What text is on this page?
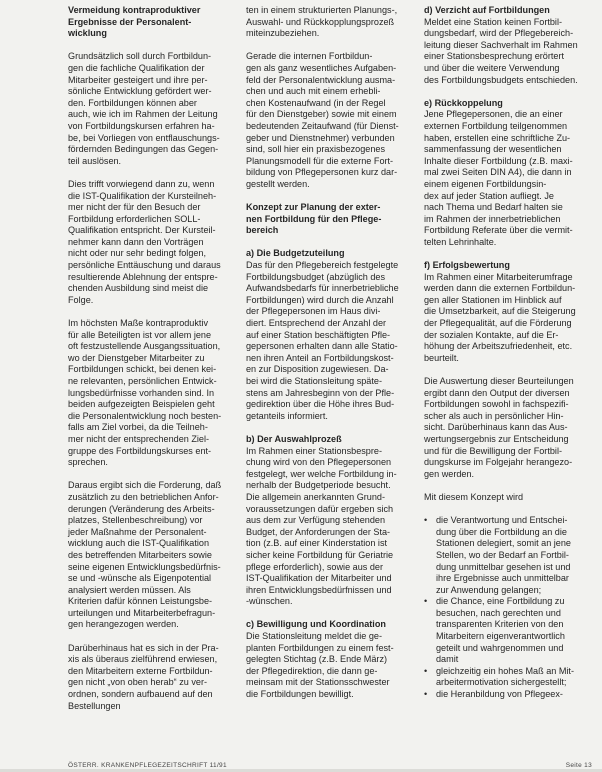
Vermeidung kontraproduktiver
Ergebnisse der Personalent-
wicklung
Grundsätzlich soll durch Fortbildun-
gen die fachliche Qualifikation der
Mitarbeiter gesteigert und ihre per-
sönliche Entwicklung gefördert wer-
den. Fortbildungen können aber
auch, wie ich im Rahmen der Leitung
von Fortbildungskursen erfahren ha-
be, bei Vorliegen von entflauschungs-
fördernden Bedingungen das Gegen-
teil auslösen.
Dies trifft vorwiegend dann zu, wenn
die IST-Qualifikation der Kursteilneh-
mer nicht der für den Besuch der
Fortbildung erforderlichen SOLL-
Qualifikation entspricht. Der Kursteil-
nehmer kann dann den Vorträgen
nicht oder nur sehr bedingt folgen,
persönliche Enttäuschung und daraus
resultierende Ablehnung der entspre-
chenden Ausbildung sind meist die
Folge.
Im höchsten Maße kontraproduktiv
für alle Beteiligten ist vor allem jene
oft festzustellende Ausgangssituation,
wo der Dienstgeber Mitarbeiter zu
Fortbildungen schickt, bei denen kei-
ne relevanten, persönlichen Entwick-
lungsbedürfnisse vorhanden sind. In
beiden aufgezeigten Beispielen geht
die Personalentwicklung noch besten-
falls am Ziel vorbei, da die Teilneh-
mer nicht der entsprechenden Ziel-
gruppe des Fortbildungskurses ent-
sprechen.
Daraus ergibt sich die Forderung, daß
zusätzlich zu den betrieblichen Anfor-
derungen (Veränderung des Arbeits-
platzes, Stellenbeschreibung) vor
jeder Maßnahme der Personalent-
wicklung auch die IST-Qualifikation
des betreffenden Mitarbeiters sowie
seine eigenen Entwicklungsbedürfnis-
se und -wünsche als Eigenpotential
analysiert werden müssen. Als
Kriterien dafür können Leistungsbe-
urteilungen und Mitarbeiterbefragun-
gen herangezogen werden.
Darüberhinaus hat es sich in der Pra-
xis als überaus zielführend erwiesen,
den Mitarbeitern externe Fortbildun-
gen nicht „von oben herab“ zu ver-
ordnen, sondern aufbauend auf den Bestellungen
ten in einem strukturierten Planungs-,
Auswahl- und Rückkopplungsprozeß
miteinzubeziehen.
Gerade die internen Fortbildun-
gen als ganz wesentliches Aufgaben-
feld der Personalentwicklung ausma-
chen und auch mit einem erhebli-
chen Kostenaufwand (in der Regel
für den Dienstgeber) sowie mit einem
bedeutenden Zeitaufwand (für Dienst-
geber und Dienstnehmer) verbunden
sind, soll hier ein praxisbezogenes
Planungsmodell für die externe Fort-
bildung von Pflegepersonen kurz dar-
gestellt werden.
Konzept zur Planung der exter-
nen Fortbildung für den Pflege-
bereich
a) Die Budgetzuteilung
Das für den Pflegebereich festgelegte
Fortbildungsbudget (abzüglich des
Aufwandsbedarfs für innerbetriebliche
Fortbildungen) wird durch die Anzahl
der Pflegepersonen im Haus divi-
diert. Entsprechend der Anzahl der
auf einer Station beschäftigten Pfle-
gepersonen erhalten dann alle Statio-
nen ihren Anteil an Fortbildungskost-
en zur Disposition zugewiesen. Da-
bei wird die Stationsleitung späte-
stens am Jahresbeginn von der Pfle-
gedirektion über die Höhe ihres Bud-
getanteils informiert.
b) Der Auswahlprozeß
Im Rahmen einer Stationsbespre-
chung wird von den Pflegepersonen
festgelegt, wer welche Fortbildung in-
nerhalb der Budgetperiode besucht.
Die allgemein anerkannten Grund-
voraussetzungen dafür ergeben sich
aus dem zur Verfügung stehenden
Budget, der Anforderungen der Sta-
tion (z.B. auf einer Kinderstation ist
sicher keine Fortbildung für Geriatrie
pflege erforderlich), sowie aus der
IST-Qualifikation der Mitarbeiter und
ihren Entwicklungsbedürfnissen und
-wünschen.
c) Bewilligung und Koordination
Die Stationsleitung meldet die ge-
planten Fortbildungen zu einem fest-
gelegten Stichtag (z.B. Ende März)
der Pflegedirektion, die dann ge-
meinsam mit der Stationsschwester
die Fortbildungen bewilligt.
d) Verzicht auf Fortbildungen
Meldet eine Station keinen Fortbil-
dungsbedarf, wird der Pflegebereich-
leitung dieser Sachverhalt im Rahmen
einer Stationsbesprechung erörtert
und über die weitere Verwendung
des Fortbildungsbudgets entschieden.
e) Rückkoppelung
Jene Pflegepersonen, die an einer
externen Fortbildung teilgenommen
haben, erstellen eine schriftliche Zu-
sammenfassung der wesentlichen
Inhalte dieser Fortbildung (z.B. maxi-
mal zwei Seiten DIN A4), die dann in
einem eigenen Fortbildungsin-
dex auf jeder Station aufliegt. Je
nach Thema und Bedarf halten sie
im Rahmen der innerbetrieblichen
Fortbildung Referate über die vermit-
telten Lehrinhalte.
f) Erfolgsbewertung
Im Rahmen einer Mitarbeiterumfrage
werden dann die externen Fortbildun-
gen aller Stationen im Hinblick auf
die Umsetzbarkeit, auf die Steigerung
der Pflegequalität, auf die Förderung
der sozialen Kontakte, auf die Er-
höhung der Arbeitszufriedenheit, etc.
beurteilt.
Die Auswertung dieser Beurteilungen
ergibt dann den Output der diversen
Fortbildungen sowohl in fachspezifi-
scher als auch in persönlicher Hin-
sicht. Darüberhinaus kann das Aus-
wertungsergebnis zur Entscheidung
und für die Bewilligung der Fortbil-
dungskurse im Folgejahr herangezo-
gen werden.
Mit diesem Konzept wird
• die Verantwortung und Entschei-
dung über die Fortbildung an die
Stationen delegiert, somit an jene
Stellen, wo der Bedarf an Fortbil-
dung unmittelbar gesehen ist und
ihre Ergebnisse auch unmittelbar
zur Anwendung gelangen;
• die Chance, eine Fortbildung zu
besuchen, nach gerechten und
transparenten Kriterien von den
Mitarbeitern eigenverantwortlich
geteilt und wahrgenommen und
damit
• gleichzeitig ein hohes Maß an Mit-
arbeitermotivation sichergestellt;
• die Heranbildung von Pflegeex-
ÖSTERR. KRANKENPFLEGEZEITSCHRIFT 11/91	Seite 13
